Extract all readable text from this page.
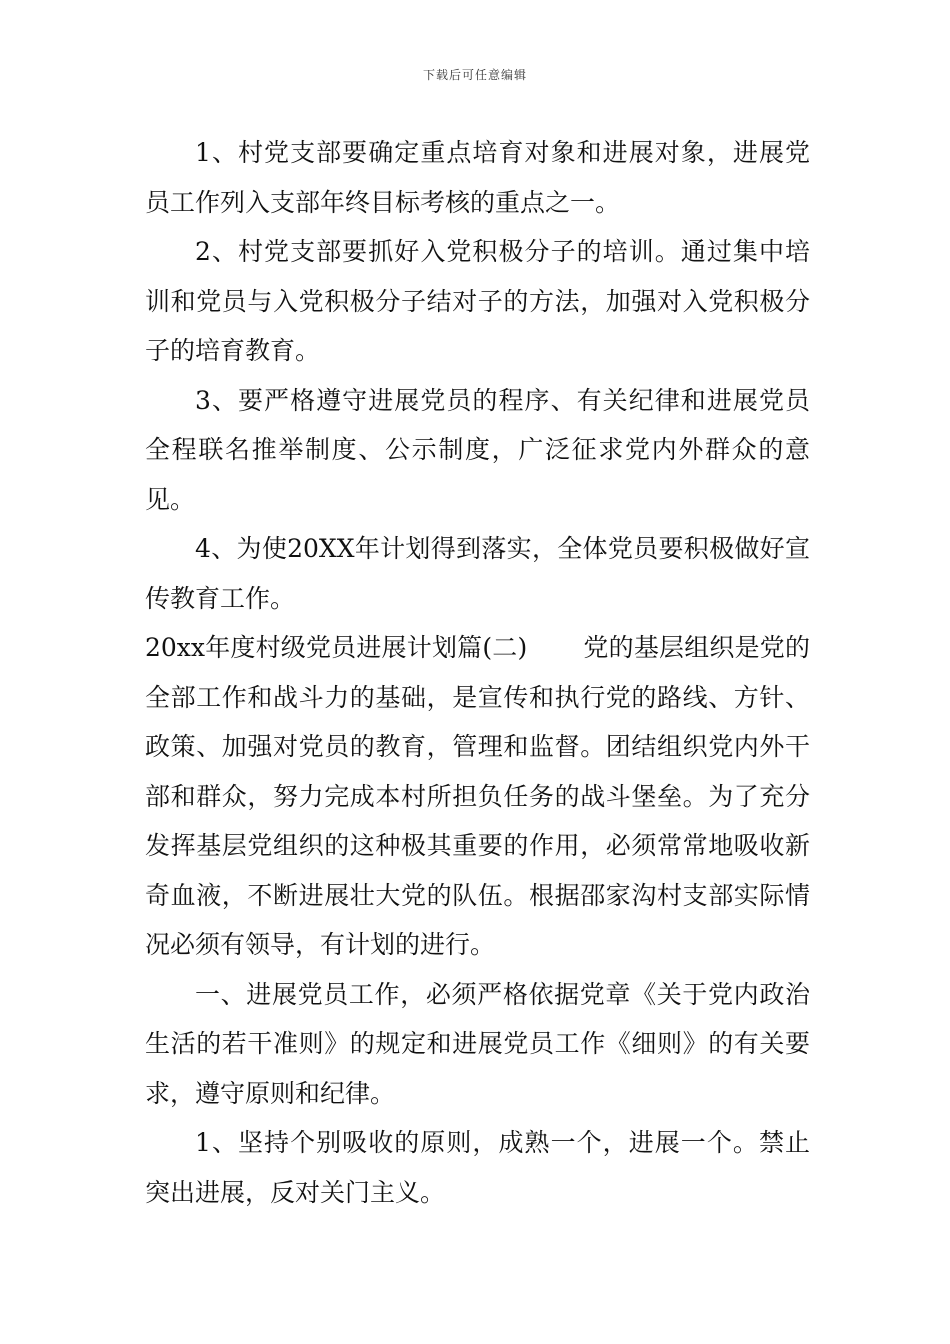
下载后可任意编辑

1、村党支部要确定重点培育对象和进展对象，进展党员工作列入支部年终目标考核的重点之一。

2、村党支部要抓好入党积极分子的培训。通过集中培训和党员与入党积极分子结对子的方法，加强对入党积极分子的培育教育。

3、要严格遵守进展党员的程序、有关纪律和进展党员全程联名推举制度、公示制度，广泛征求党内外群众的意见。

4、为使20XX年计划得到落实，全体党员要积极做好宣传教育工作。

20xx年度村级党员进展计划篇(二) 党的基层组织是党的全部工作和战斗力的基础，是宣传和执行党的路线、方针、政策、加强对党员的教育，管理和监督。团结组织党内外干部和群众，努力完成本村所担负任务的战斗堡垒。为了充分发挥基层党组织的这种极其重要的作用，必须常常地吸收新奇血液，不断进展壮大党的队伍。根据邵家沟村支部实际情况必须有领导，有计划的进行。

一、进展党员工作，必须严格依据党章《关于党内政治生活的若干准则》的规定和进展党员工作《细则》的有关要求，遵守原则和纪律。

1、坚持个别吸收的原则，成熟一个，进展一个。禁止突出进展，反对关门主义。
